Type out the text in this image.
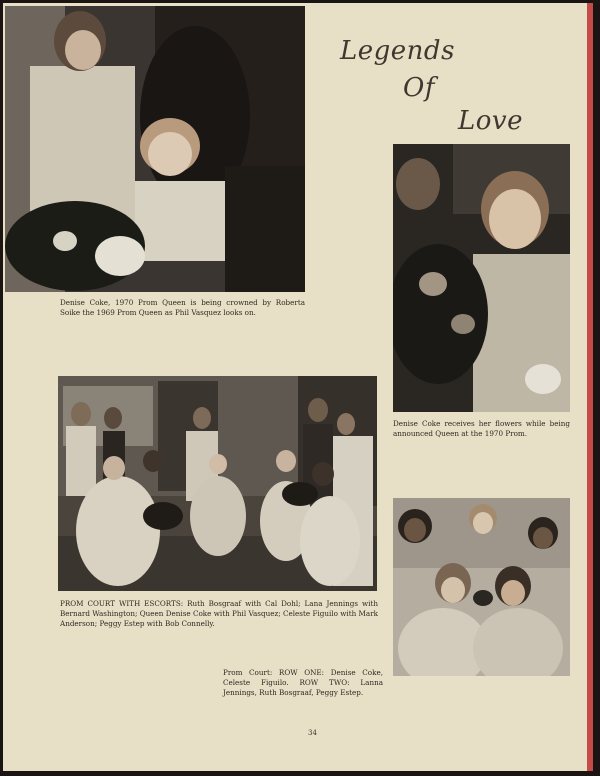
Denise Coke, 1970 Prom Queen is being crowned by Roberta Soike the 1969 Prom Queen as Phil Vasquez looks on.
Legends
Of
Love
Denise Coke receives her flowers while being announced Queen at the 1970 Prom.
PROM COURT WITH ESCORTS: Ruth Bosgraaf with Cal Dohl; Lana Jennings with Bernard Washington; Queen Denise Coke with Phil Vasquez; Celeste Figuilo with Mark Anderson; Peggy Estep with Bob Connelly.
Prom Court: ROW ONE: Denise Coke, Celeste Figuilo. ROW TWO: Lanna Jennings, Ruth Bosgraaf, Peggy Estep.
34
